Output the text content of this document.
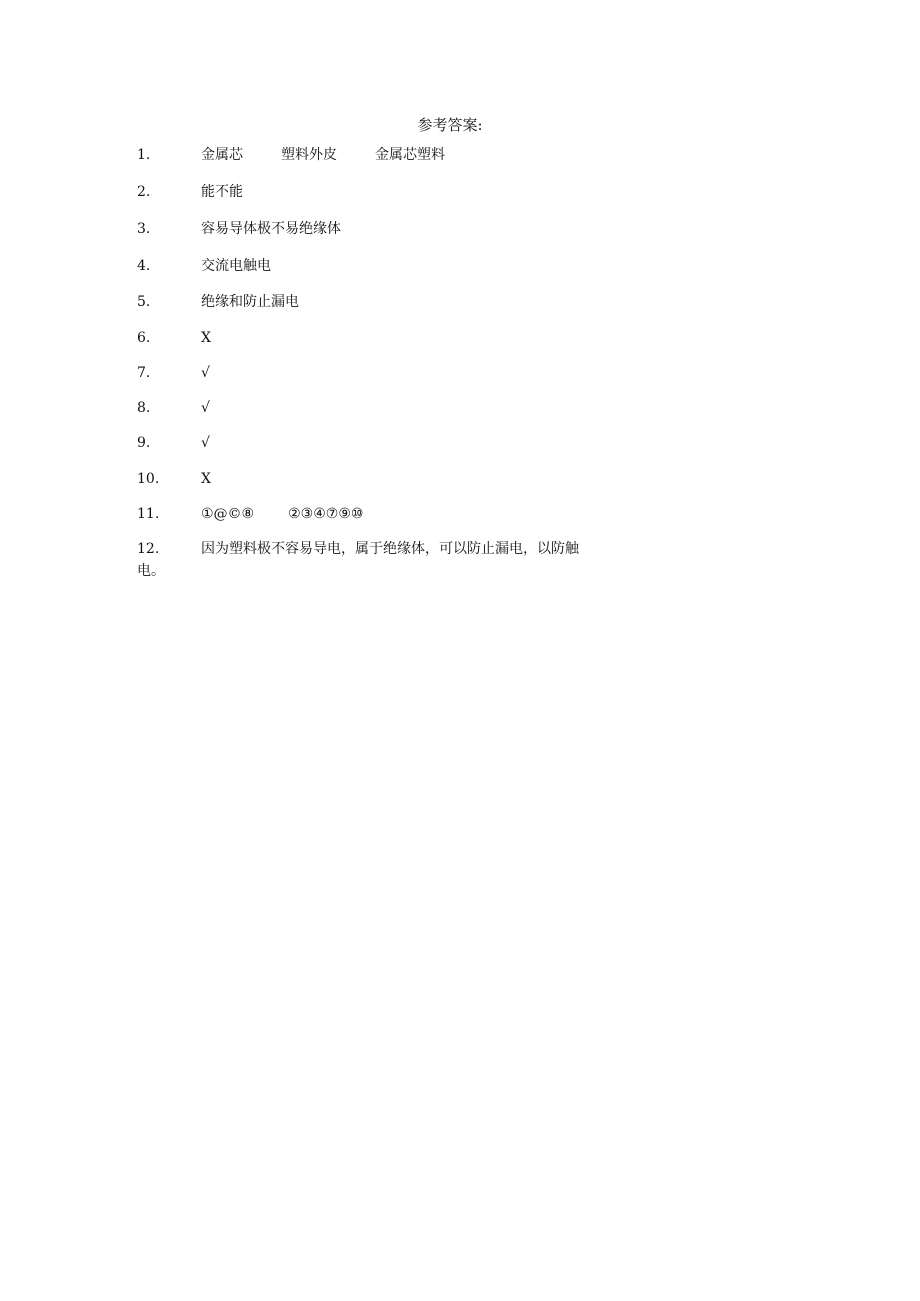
参考答案:
1.	金属芯	塑料外皮	金属芯塑料
2.	能不能
3.	容易导体极不易绝缘体
4.	交流电触电
5.	绝缘和防止漏电
6.	X
7.	√
8.	√
9.	√
10.	X
11.	①@©⑧ ②③④⑦⑨⑩
12.	因为塑料极不容易导电，属于绝缘体，可以防止漏电，以防触
电。
